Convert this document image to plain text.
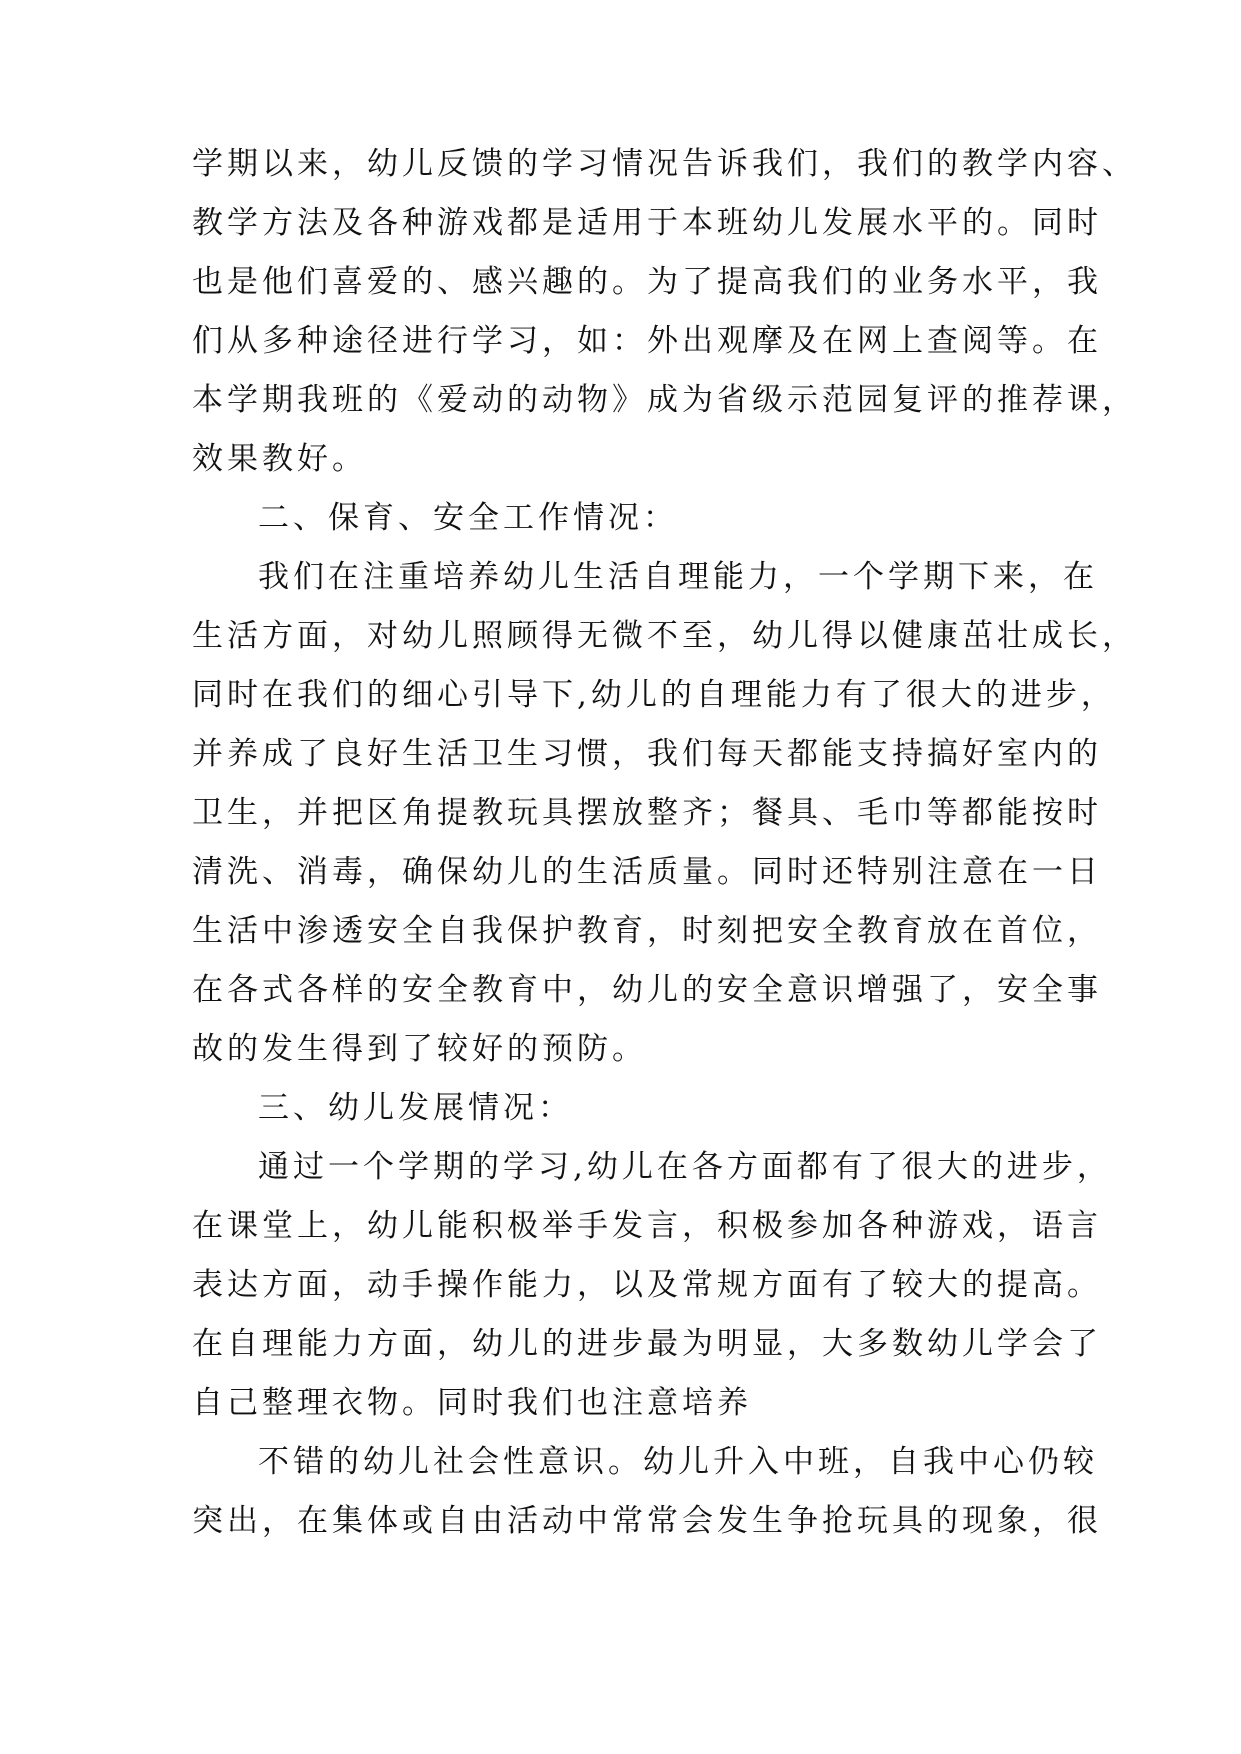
学期以来，幼儿反馈的学习情况告诉我们，我们的教学内容、

教学方法及各种游戏都是适用于本班幼儿发展水平的。同时

也是他们喜爱的、感兴趣的。为了提高我们的业务水平，我

们从多种途径进行学习，如：外出观摩及在网上查阅等。在

本学期我班的《爱动的动物》成为省级示范园复评的推荐课，

效果教好。

二、保育、安全工作情况：

我们在注重培养幼儿生活自理能力，一个学期下来，在

生活方面，对幼儿照顾得无微不至，幼儿得以健康茁壮成长，

同时在我们的细心引导下,幼儿的自理能力有了很大的进步，

并养成了良好生活卫生习惯，我们每天都能支持搞好室内的

卫生，并把区角提教玩具摆放整齐；餐具、毛巾等都能按时

清洗、消毒，确保幼儿的生活质量。同时还特别注意在一日

生活中渗透安全自我保护教育，时刻把安全教育放在首位，

在各式各样的安全教育中，幼儿的安全意识增强了，安全事

故的发生得到了较好的预防。

三、幼儿发展情况：

通过一个学期的学习,幼儿在各方面都有了很大的进步，

在课堂上，幼儿能积极举手发言，积极参加各种游戏，语言

表达方面，动手操作能力，以及常规方面有了较大的提高。

在自理能力方面，幼儿的进步最为明显，大多数幼儿学会了

自己整理衣物。同时我们也注意培养

不错的幼儿社会性意识。幼儿升入中班，自我中心仍较

突出，在集体或自由活动中常常会发生争抢玩具的现象，很
